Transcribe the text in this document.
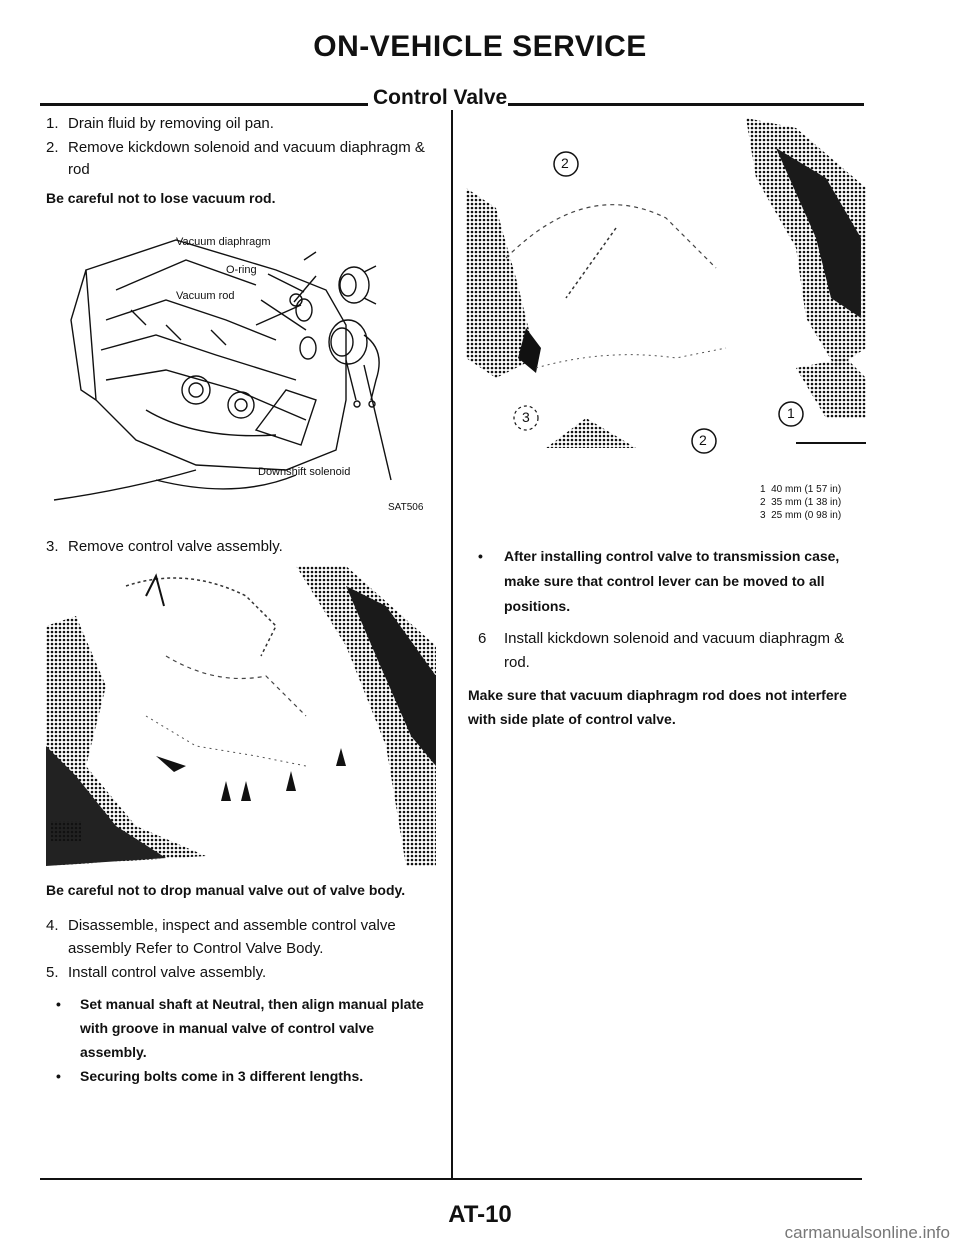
ON-VEHICLE SERVICE
Control Valve
1. Drain fluid by removing oil pan.
2. Remove kickdown solenoid and vacuum diaphragm & rod
Be careful not to lose vacuum rod.
Vacuum diaphragm
O-ring
Vacuum rod
Downshift solenoid
SAT506
3. Remove control valve assembly.
Be careful not to drop manual valve out of valve body.
4. Disassemble, inspect and assemble control valve assembly Refer to Control Valve Body.
5. Install control valve assembly.
• Set manual shaft at Neutral, then align manual plate with groove in manual valve of control valve assembly.
• Securing bolts come in 3 different lengths.
2
2
1
3
1 40 mm (1 57 in)
2 35 mm (1 38 in)
3 25 mm (0 98 in)
• After installing control valve to transmission case, make sure that control lever can be moved to all positions.
6 Install kickdown solenoid and vacuum diaphragm & rod.
Make sure that vacuum diaphragm rod does not interfere with side plate of control valve.
AT-10
carmanualsonline.info
